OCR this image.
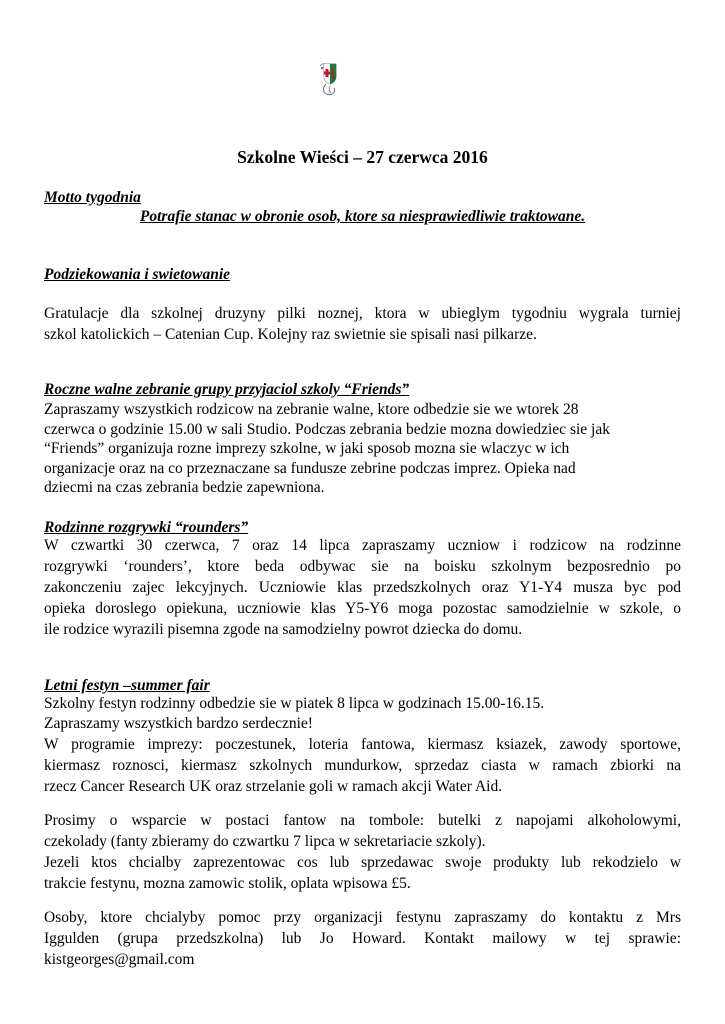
Szkolne Wieści – 27 czerwca 2016

Motto tygodnia

Potrafie stanac w obronie osob, ktore sa niesprawiedliwie traktowane.

Podziekowania i swietowanie

Gratulacje dla szkolnej druzyny pilki noznej, ktora w ubieglym tygodniu wygrala turniej
szkol katolickich – Catenian Cup. Kolejny raz swietnie sie spisali nasi pilkarze.

Roczne walne zebranie grupy przyjaciol szkoly “Friends”

Zapraszamy wszystkich rodzicow na zebranie walne, ktore odbedzie sie we wtorek 28
czerwca o godzinie 15.00 w sali Studio. Podczas zebrania bedzie mozna dowiedziec sie jak
“Friends” organizuja rozne imprezy szkolne, w jaki sposob mozna sie wlaczyc w ich
organizacje oraz na co przeznaczane sa fundusze zebrine podczas imprez. Opieka nad
dziecmi na czas zebrania bedzie zapewniona.

Rodzinne rozgrywki “rounders”

W czwartki 30 czerwca, 7 oraz 14 lipca zapraszamy uczniow i rodzicow na rodzinne
rozgrywki ‘rounders’, ktore beda odbywac sie na boisku szkolnym bezposrednio po
zakonczeniu zajec lekcyjnych. Uczniowie klas przedszkolnych oraz Y1-Y4 musza byc pod
opieka doroslego opiekuna, uczniowie klas Y5-Y6 moga pozostac samodzielnie w szkole, o
ile rodzice wyrazili pisemna zgode na samodzielny powrot dziecka do domu.

Letni festyn –summer fair

Szkolny festyn rodzinny odbedzie sie w piatek 8 lipca w godzinach 15.00-16.15.
Zapraszamy wszystkich bardzo serdecznie!
W programie imprezy: poczestunek, loteria fantowa, kiermasz ksiazek, zawody sportowe,
kiermasz roznosci, kiermasz szkolnych mundurkow, sprzedaz ciasta w ramach zbiorki na
rzecz Cancer Research UK oraz strzelanie goli w ramach akcji Water Aid.
Prosimy o wsparcie w postaci fantow na tombole: butelki z napojami alkoholowymi,
czekolady (fanty zbieramy do czwartku 7 lipca w sekretariacie szkoly).
Jezeli ktos chcialby zaprezentowac cos lub sprzedawac swoje produkty lub rekodzielo w
trakcie festynu, mozna zamowic stolik, oplata wpisowa £5.
Osoby, ktore chcialyby pomoc przy organizacji festynu zapraszamy do kontaktu z Mrs
Iggulden (grupa przedszkolna) lub Jo Howard. Kontakt mailowy w tej sprawie:
kistgeorges@gmail.com
